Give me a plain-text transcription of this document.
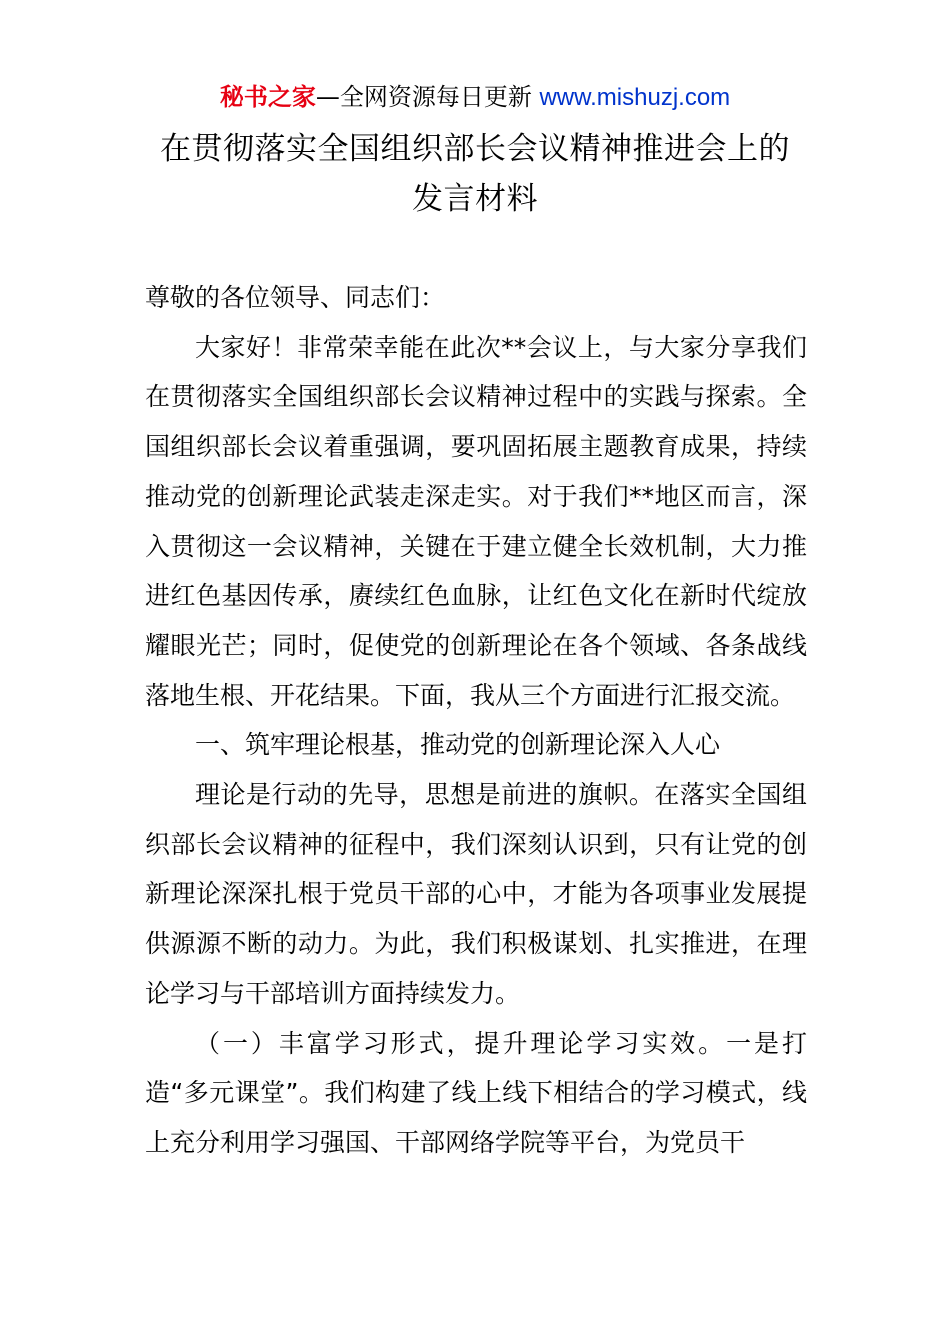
秘书之家—全网资源每日更新 www.mishuzj.com
在贯彻落实全国组织部长会议精神推进会上的
发言材料

尊敬的各位领导、同志们：

大家好！非常荣幸能在此次**会议上，与大家分享我们在贯彻落实全国组织部长会议精神过程中的实践与探索。全国组织部长会议着重强调，要巩固拓展主题教育成果，持续推动党的创新理论武装走深走实。对于我们**地区而言，深入贯彻这一会议精神，关键在于建立健全长效机制，大力推进红色基因传承，赓续红色血脉，让红色文化在新时代绽放耀眼光芒；同时，促使党的创新理论在各个领域、各条战线落地生根、开花结果。下面，我从三个方面进行汇报交流。

一、筑牢理论根基，推动党的创新理论深入人心

理论是行动的先导，思想是前进的旗帜。在落实全国组织部长会议精神的征程中，我们深刻认识到，只有让党的创新理论深深扎根于党员干部的心中，才能为各项事业发展提供源源不断的动力。为此，我们积极谋划、扎实推进，在理论学习与干部培训方面持续发力。

（一）丰富学习形式，提升理论学习实效。一是打造“多元课堂”。我们构建了线上线下相结合的学习模式，线上充分利用学习强国、干部网络学院等平台，为党员干
